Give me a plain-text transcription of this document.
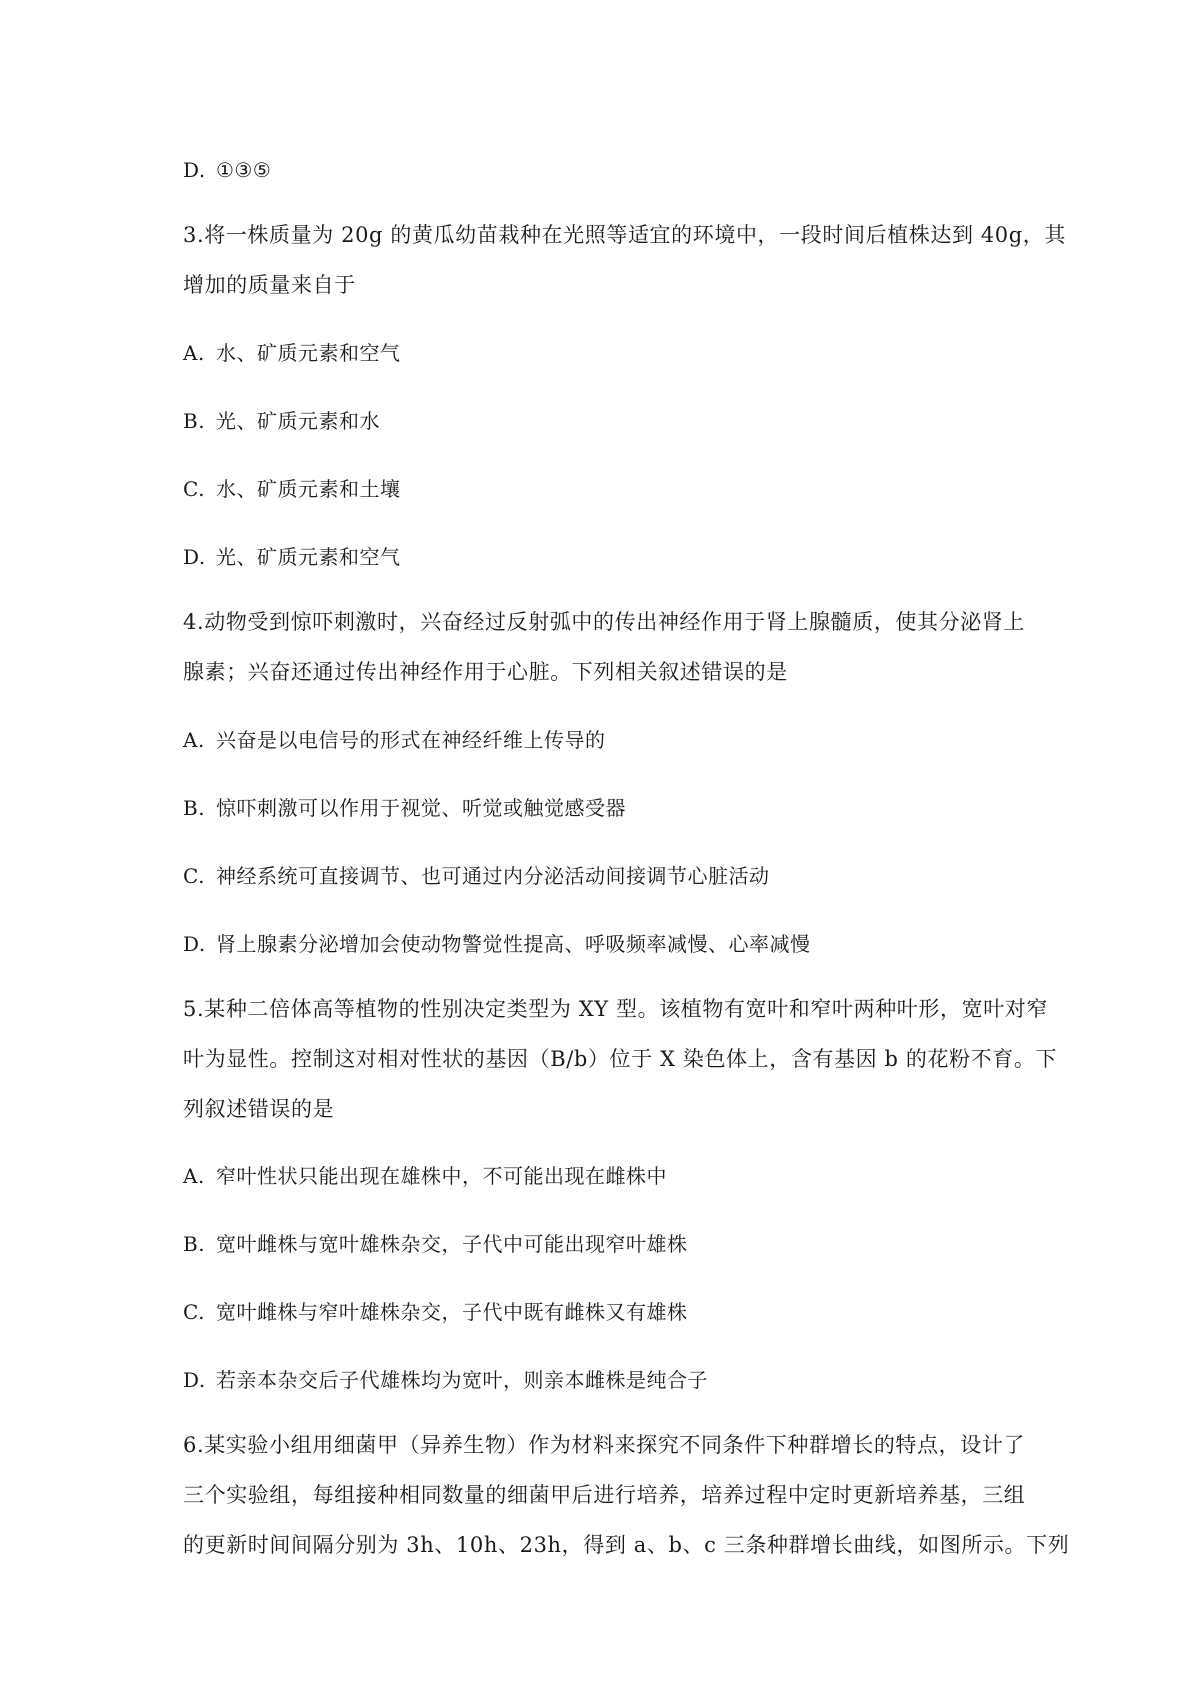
D. ①③⑤
3.将一株质量为 20g 的黄瓜幼苗栽种在光照等适宜的环境中，一段时间后植株达到 40g，其
增加的质量来自于
A. 水、矿质元素和空气
B. 光、矿质元素和水
C. 水、矿质元素和土壤
D. 光、矿质元素和空气
4.动物受到惊吓刺激时，兴奋经过反射弧中的传出神经作用于肾上腺髓质，使其分泌肾上
腺素；兴奋还通过传出神经作用于心脏。下列相关叙述错误的是
A. 兴奋是以电信号的形式在神经纤维上传导的
B. 惊吓刺激可以作用于视觉、听觉或触觉感受器
C. 神经系统可直接调节、也可通过内分泌活动间接调节心脏活动
D. 肾上腺素分泌增加会使动物警觉性提高、呼吸频率减慢、心率减慢
5.某种二倍体高等植物的性别决定类型为 XY 型。该植物有宽叶和窄叶两种叶形，宽叶对窄
叶为显性。控制这对相对性状的基因（B/b）位于 X 染色体上，含有基因 b 的花粉不育。下
列叙述错误的是
A. 窄叶性状只能出现在雄株中，不可能出现在雌株中
B. 宽叶雌株与宽叶雄株杂交，子代中可能出现窄叶雄株
C. 宽叶雌株与窄叶雄株杂交，子代中既有雌株又有雄株
D. 若亲本杂交后子代雄株均为宽叶，则亲本雌株是纯合子
6.某实验小组用细菌甲（异养生物）作为材料来探究不同条件下种群增长的特点，设计了
三个实验组，每组接种相同数量的细菌甲后进行培养，培养过程中定时更新培养基，三组
的更新时间间隔分别为 3h、10h、23h，得到 a、b、c 三条种群增长曲线，如图所示。下列
